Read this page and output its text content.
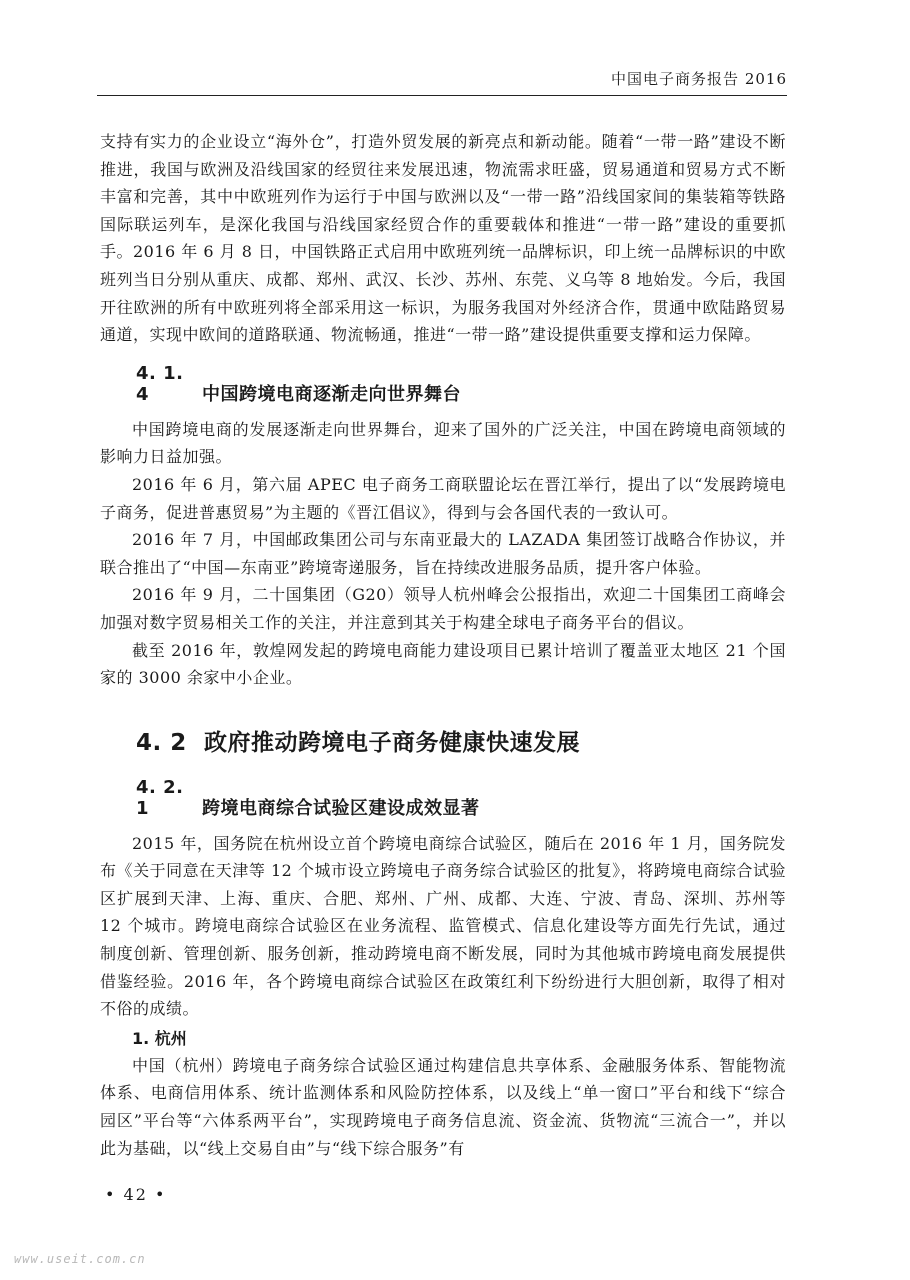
中国电子商务报告 2016

支持有实力的企业设立“海外仓”，打造外贸发展的新亮点和新动能。随着“一带一路”建设不断推进，我国与欧洲及沿线国家的经贸往来发展迅速，物流需求旺盛，贸易通道和贸易方式不断丰富和完善，其中中欧班列作为运行于中国与欧洲以及“一带一路”沿线国家间的集装箱等铁路国际联运列车，是深化我国与沿线国家经贸合作的重要载体和推进“一带一路”建设的重要抓手。2016 年 6 月 8 日，中国铁路正式启用中欧班列统一品牌标识，印上统一品牌标识的中欧班列当日分别从重庆、成都、郑州、武汉、长沙、苏州、东莞、义乌等 8 地始发。今后，我国开往欧洲的所有中欧班列将全部采用这一标识，为服务我国对外经济合作，贯通中欧陆路贸易通道，实现中欧间的道路联通、物流畅通，推进“一带一路”建设提供重要支撑和运力保障。

4. 1. 4	中国跨境电商逐渐走向世界舞台

中国跨境电商的发展逐渐走向世界舞台，迎来了国外的广泛关注，中国在跨境电商领域的影响力日益加强。

2016 年 6 月，第六届 APEC 电子商务工商联盟论坛在晋江举行，提出了以“发展跨境电子商务，促进普惠贸易”为主题的《晋江倡议》，得到与会各国代表的一致认可。

2016 年 7 月，中国邮政集团公司与东南亚最大的 LAZADA 集团签订战略合作协议，并联合推出了“中国—东南亚”跨境寄递服务，旨在持续改进服务品质，提升客户体验。

2016 年 9 月，二十国集团（G20）领导人杭州峰会公报指出，欢迎二十国集团工商峰会加强对数字贸易相关工作的关注，并注意到其关于构建全球电子商务平台的倡议。

截至 2016 年，敦煌网发起的跨境电商能力建设项目已累计培训了覆盖亚太地区 21 个国家的 3000 余家中小企业。

4. 2 政府推动跨境电子商务健康快速发展
4. 2. 1	跨境电商综合试验区建设成效显著

2015 年，国务院在杭州设立首个跨境电商综合试验区，随后在 2016 年 1 月，国务院发布《关于同意在天津等 12 个城市设立跨境电子商务综合试验区的批复》，将跨境电商综合试验区扩展到天津、上海、重庆、合肥、郑州、广州、成都、大连、宁波、青岛、深圳、苏州等 12 个城市。跨境电商综合试验区在业务流程、监管模式、信息化建设等方面先行先试，通过制度创新、管理创新、服务创新，推动跨境电商不断发展，同时为其他城市跨境电商发展提供借鉴经验。2016 年，各个跨境电商综合试验区在政策红利下纷纷进行大胆创新，取得了相对不俗的成绩。

1. 杭州

中国（杭州）跨境电子商务综合试验区通过构建信息共享体系、金融服务体系、智能物流体系、电商信用体系、统计监测体系和风险防控体系，以及线上“单一窗口”平台和线下“综合园区”平台等“六体系两平台”，实现跨境电子商务信息流、资金流、货物流“三流合一”，并以此为基础，以“线上交易自由”与“线下综合服务”有

• 42 •
www.useit.com.cn
